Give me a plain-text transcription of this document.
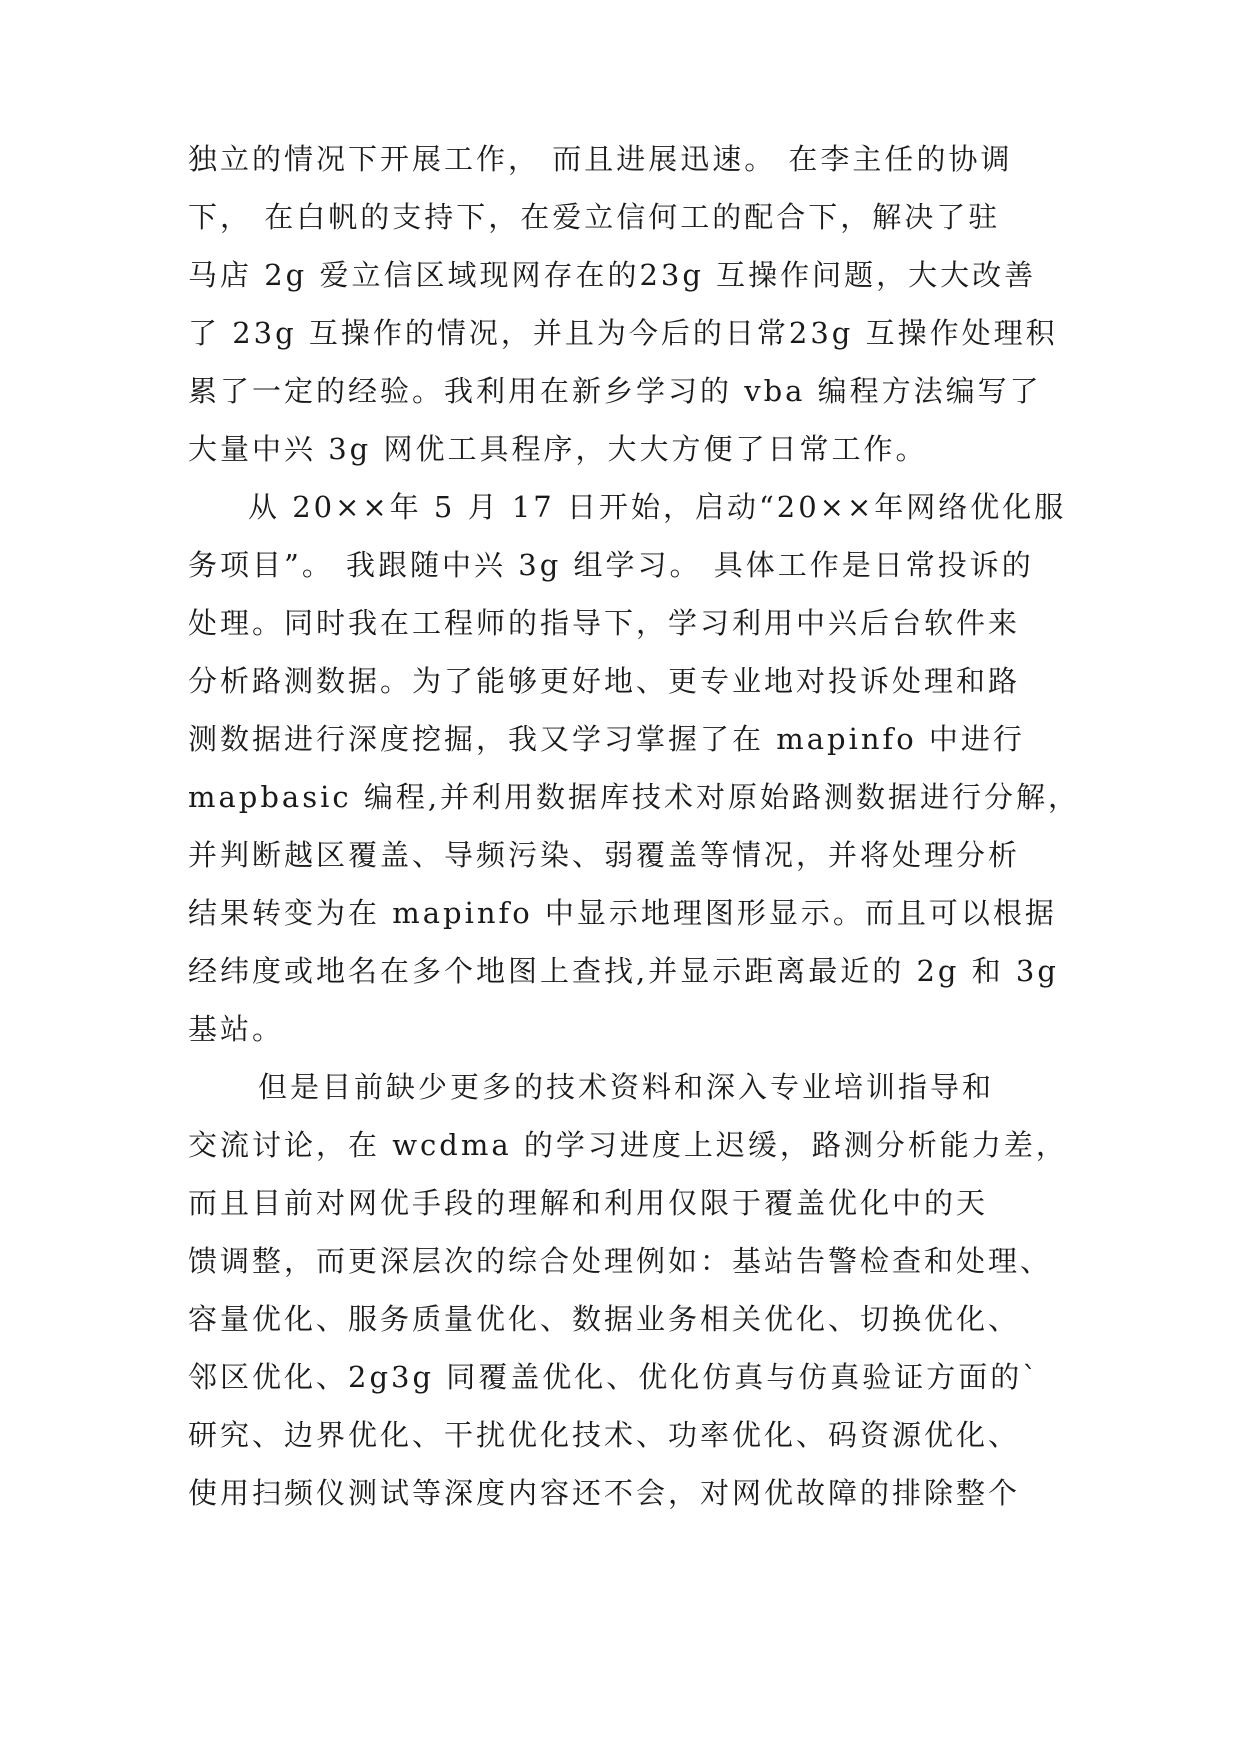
独立的情况下开展工作， 而且进展迅速。 在李主任的协调

下， 在白帆的支持下，在爱立信何工的配合下，解决了驻

马店 2g 爱立信区域现网存在的23g 互操作问题，大大改善

了 23g 互操作的情况，并且为今后的日常23g 互操作处理积

累了一定的经验。我利用在新乡学习的 vba 编程方法编写了

大量中兴 3g 网优工具程序，大大方便了日常工作。

从 20××年 5 月 17 日开始，启动“20××年网络优化服

务项目”。 我跟随中兴 3g 组学习。 具体工作是日常投诉的

处理。同时我在工程师的指导下，学习利用中兴后台软件来

分析路测数据。为了能够更好地、更专业地对投诉处理和路

测数据进行深度挖掘，我又学习掌握了在 mapinfo 中进行

mapbasic 编程,并利用数据库技术对原始路测数据进行分解，

并判断越区覆盖、导频污染、弱覆盖等情况，并将处理分析

结果转变为在 mapinfo 中显示地理图形显示。而且可以根据

经纬度或地名在多个地图上查找,并显示距离最近的 2g 和 3g

基站。

但是目前缺少更多的技术资料和深入专业培训指导和

交流讨论，在 wcdma 的学习进度上迟缓，路测分析能力差，

而且目前对网优手段的理解和利用仅限于覆盖优化中的天

馈调整，而更深层次的综合处理例如：基站告警检查和处理、

容量优化、服务质量优化、数据业务相关优化、切换优化、

邻区优化、2g3g 同覆盖优化、优化仿真与仿真验证方面的`

研究、边界优化、干扰优化技术、功率优化、码资源优化、

使用扫频仪测试等深度内容还不会，对网优故障的排除整个
